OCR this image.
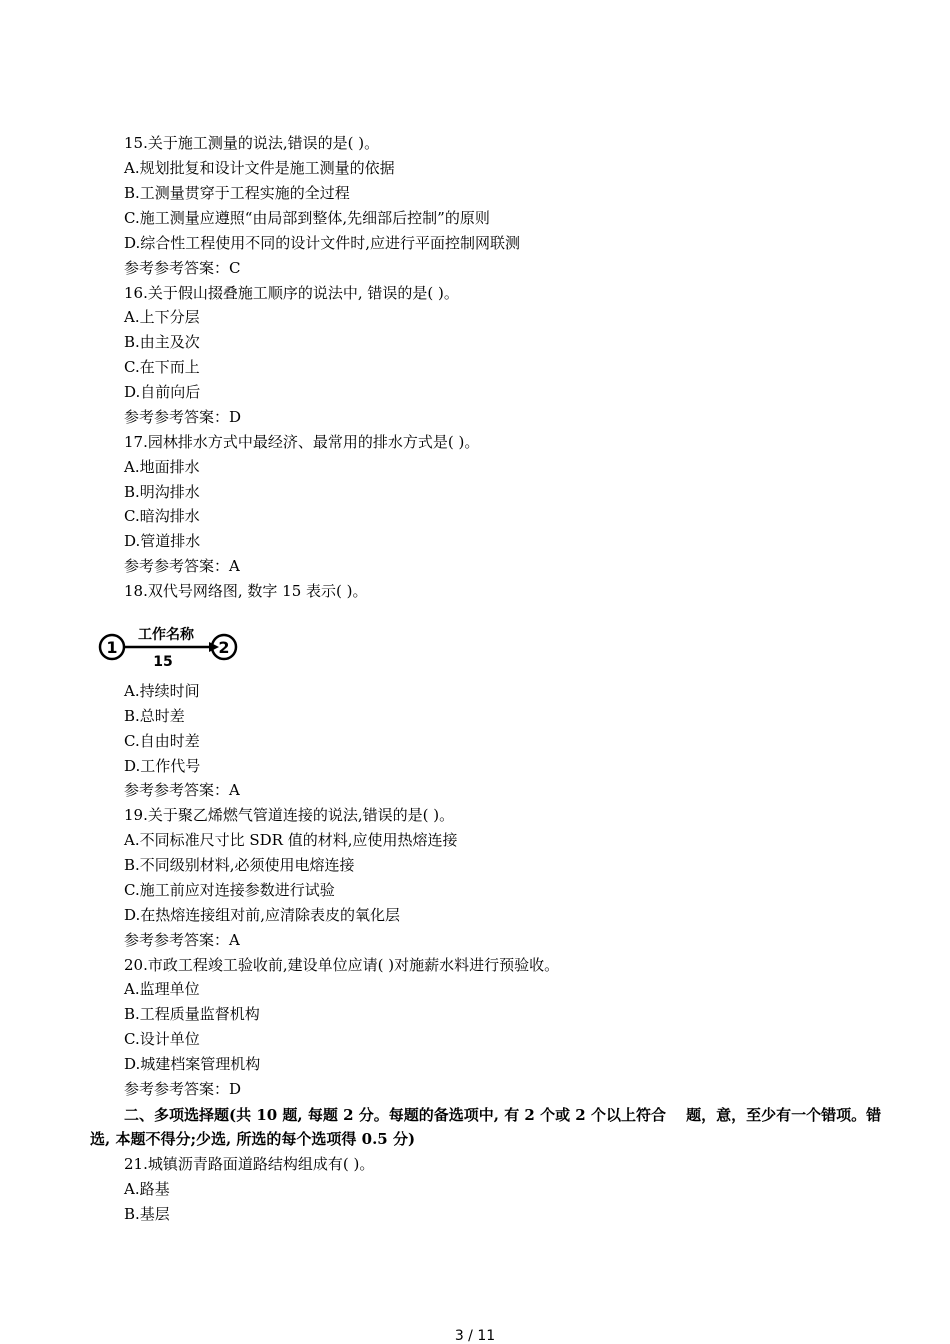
15.关于施工测量的说法,错误的是( )。
A.规划批复和设计文件是施工测量的依据
B.工测量贯穿于工程实施的全过程
C.施工测量应遵照“由局部到整体,先细部后控制”的原则
D.综合性工程使用不同的设计文件时,应进行平面控制网联测
参考参考答案：C
16.关于假山掇叠施工顺序的说法中, 错误的是( )。
A.上下分层
B.由主及次
C.在下而上
D.自前向后
参考参考答案：D
17.园林排水方式中最经济、最常用的排水方式是( )。
A.地面排水
B.明沟排水
C.暗沟排水
D.管道排水
参考参考答案：A
18.双代号网络图, 数字 15 表示( )。
1	2
工作名称
15
A.持续时间
B.总时差
C.自由时差
D.工作代号
参考参考答案：A
19.关于聚乙烯燃气管道连接的说法,错误的是( )。
A.不同标准尺寸比 SDR 值的材料,应使用热熔连接
B.不同级别材料,必须使用电熔连接
C.施工前应对连接参数进行试验
D.在热熔连接组对前,应清除表皮的氧化层
参考参考答案：A
20.市政工程竣工验收前,建设单位应请( )对施薪水料进行预验收。
A.监理单位
B.工程质量监督机构
C.设计单位
D.城建档案管理机构
参考参考答案：D
二、多项选择题(共 10 题, 每题 2 分。每题的备选项中, 有 2 个或 2 个以上符合　 题，意，至少有一个错项。错选, 本题不得分;少选, 所选的每个选项得 0.5 分)
21.城镇沥青路面道路结构组成有( )。
A.路基
B.基层
3 / 11
